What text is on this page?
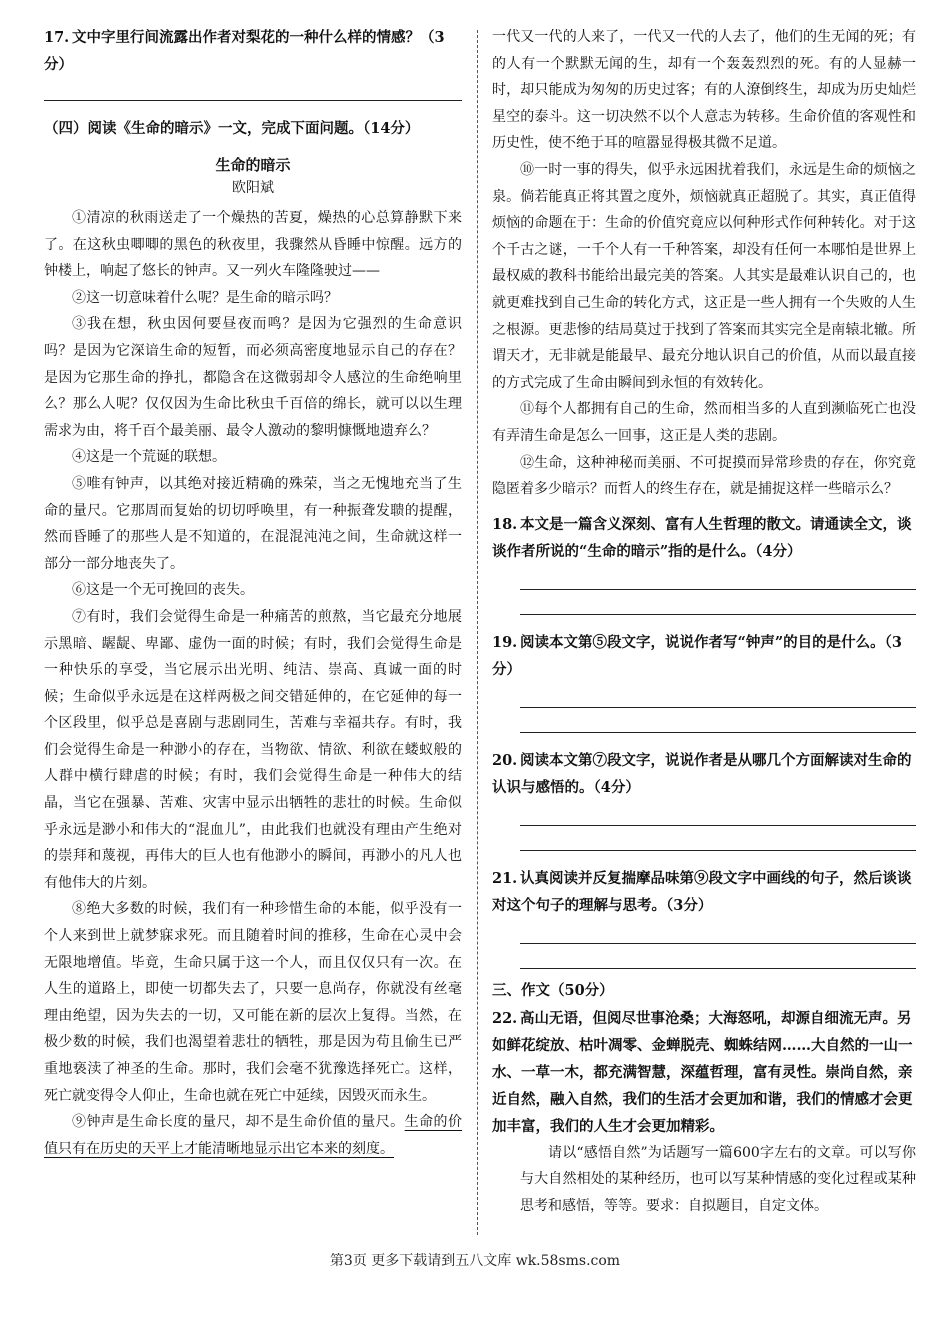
17. 文中字里行间流露出作者对梨花的一种什么样的情感？（3分）
（四）阅读《生命的暗示》一文，完成下面问题。（14分）
生命的暗示
欧阳斌

①清凉的秋雨送走了一个燥热的苦夏，燥热的心总算静默下来了。在这秋虫唧唧的黑色的秋夜里，我骤然从昏睡中惊醒。远方的钟楼上，响起了悠长的钟声。又一列火车隆隆驶过——

②这一切意味着什么呢？是生命的暗示吗？

③我在想，秋虫因何要昼夜而鸣？是因为它强烈的生命意识吗？是因为它深谙生命的短暂，而必须高密度地显示自己的存在？是因为它那生命的挣扎，都隐含在这微弱却令人感泣的生命绝响里么？那么人呢？仅仅因为生命比秋虫千百倍的绵长，就可以以生理需求为由，将千百个最美丽、最令人激动的黎明慷慨地遗弃么？

④这是一个荒诞的联想。

⑤唯有钟声，以其绝对接近精确的殊荣，当之无愧地充当了生命的量尺。它那周而复始的切切呼唤里，有一种振聋发聩的提醒，然而昏睡了的那些人是不知道的，在混混沌沌之间，生命就这样一部分一部分地丧失了。

⑥这是一个无可挽回的丧失。

⑦有时，我们会觉得生命是一种痛苦的煎熬，当它最充分地展示黑暗、龌龊、卑鄙、虚伪一面的时候；有时，我们会觉得生命是一种快乐的享受，当它展示出光明、纯洁、崇高、真诚一面的时候；生命似乎永远是在这样两极之间交错延伸的，在它延伸的每一个区段里，似乎总是喜剧与悲剧同生，苦难与幸福共存。有时，我们会觉得生命是一种渺小的存在，当物欲、情欲、利欲在蝼蚁般的人群中横行肆虐的时候；有时，我们会觉得生命是一种伟大的结晶，当它在强暴、苦难、灾害中显示出牺牲的悲壮的时候。生命似乎永远是渺小和伟大的“混血儿”，由此我们也就没有理由产生绝对的崇拜和蔑视，再伟大的巨人也有他渺小的瞬间，再渺小的凡人也有他伟大的片刻。

⑧绝大多数的时候，我们有一种珍惜生命的本能，似乎没有一个人来到世上就梦寐求死。而且随着时间的推移，生命在心灵中会无限地增值。毕竟，生命只属于这一个人，而且仅仅只有一次。在人生的道路上，即使一切都失去了，只要一息尚存，你就没有丝毫理由绝望，因为失去的一切，又可能在新的层次上复得。当然，在极少数的时候，我们也渴望着悲壮的牺牲，那是因为苟且偷生已严重地亵渎了神圣的生命。那时，我们会毫不犹豫选择死亡。这样，死亡就变得令人仰止，生命也就在死亡中延续，因毁灭而永生。

⑨钟声是生命长度的量尺，却不是生命价值的量尺。生命的价值只有在历史的天平上才能清晰地显示出它本来的刻度。

一代又一代的人来了，一代又一代的人去了，他们的生无闻的死；有的人有一个默默无闻的生，却有一个轰轰烈烈的死。有的人显赫一时，却只能成为匆匆的历史过客；有的人潦倒终生，却成为历史灿烂星空的泰斗。这一切决然不以个人意志为转移。生命价值的客观性和历史性，使不绝于耳的喧嚣显得极其微不足道。

⑩一时一事的得失，似乎永远困扰着我们，永远是生命的烦恼之泉。倘若能真正将其置之度外，烦恼就真正超脱了。其实，真正值得烦恼的命题在于：生命的价值究竟应以何种形式作何种转化。对于这个千古之谜，一千个人有一千种答案，却没有任何一本哪怕是世界上最权威的教科书能给出最完美的答案。人其实是最难认识自己的，也就更难找到自己生命的转化方式，这正是一些人拥有一个失败的人生之根源。更悲惨的结局莫过于找到了答案而其实完全是南辕北辙。所谓天才，无非就是能最早、最充分地认识自己的价值，从而以最直接的方式完成了生命由瞬间到永恒的有效转化。

⑪每个人都拥有自己的生命，然而相当多的人直到濒临死亡也没有弄清生命是怎么一回事，这正是人类的悲剧。

⑫生命，这种神秘而美丽、不可捉摸而异常珍贵的存在，你究竟隐匿着多少暗示？而哲人的终生存在，就是捕捉这样一些暗示么？

18. 本文是一篇含义深刻、富有人生哲理的散文。请通读全文，谈谈作者所说的“生命的暗示”指的是什么。（4分）
19. 阅读本文第⑤段文字，说说作者写“钟声”的目的是什么。（3分）
20. 阅读本文第⑦段文字，说说作者是从哪几个方面解读对生命的认识与感悟的。（4分）
21. 认真阅读并反复揣摩品味第⑨段文字中画线的句子，然后谈谈对这个句子的理解与思考。（3分）
三、作文（50分）
22. 高山无语，但阅尽世事沧桑；大海怒吼，却源自细流无声。另如鲜花绽放、枯叶凋零、金蝉脱壳、蜘蛛结网……大自然的一山一水、一草一木，都充满智慧，深蕴哲理，富有灵性。崇尚自然，亲近自然，融入自然，我们的生活才会更加和谐，我们的情感才会更加丰富，我们的人生才会更加精彩。

请以“感悟自然”为话题写一篇600字左右的文章。可以写你与大自然相处的某种经历，也可以写某种情感的变化过程或某种思考和感悟，等等。要求：自拟题目，自定文体。

第3页 更多下载请到五八文库 wk.58sms.com
